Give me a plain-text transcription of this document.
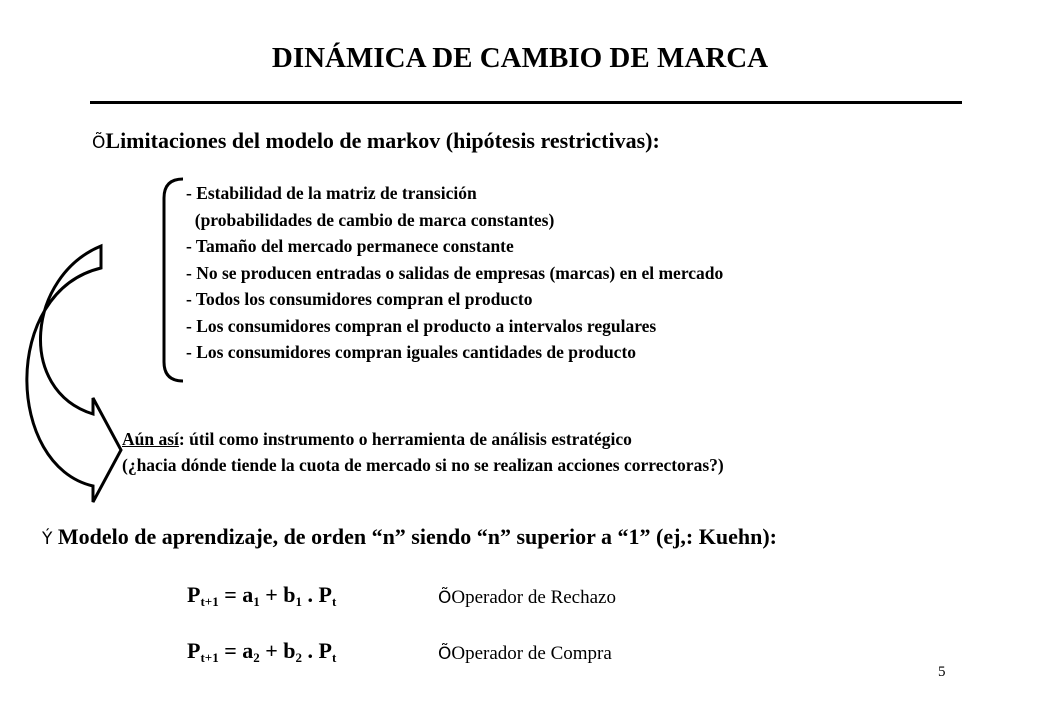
DINÁMICA DE CAMBIO DE MARCA
ÕLimitaciones del modelo de markov (hipótesis restrictivas):
- Estabilidad de la matriz de transición
(probabilidades de cambio de marca constantes)
- Tamaño del mercado permanece constante
- No se producen entradas o salidas de empresas (marcas) en el mercado
- Todos los consumidores compran el producto
- Los consumidores compran el producto a intervalos regulares
- Los consumidores compran iguales cantidades de producto
Aún así: útil como instrumento o herramienta de análisis estratégico
(¿hacia dónde tiende la cuota de mercado si no se realizan acciones correctoras?)
Ý Modelo de aprendizaje, de orden “n” siendo “n” superior a “1” (ej,: Kuehn):
$P_{t+1} = a_1 + b_1$ . $P_t$	ÕOperador de Rechazo
$P_{t+1} = a_2 + b_2$ . $P_t$	ÕOperador de Compra
5
